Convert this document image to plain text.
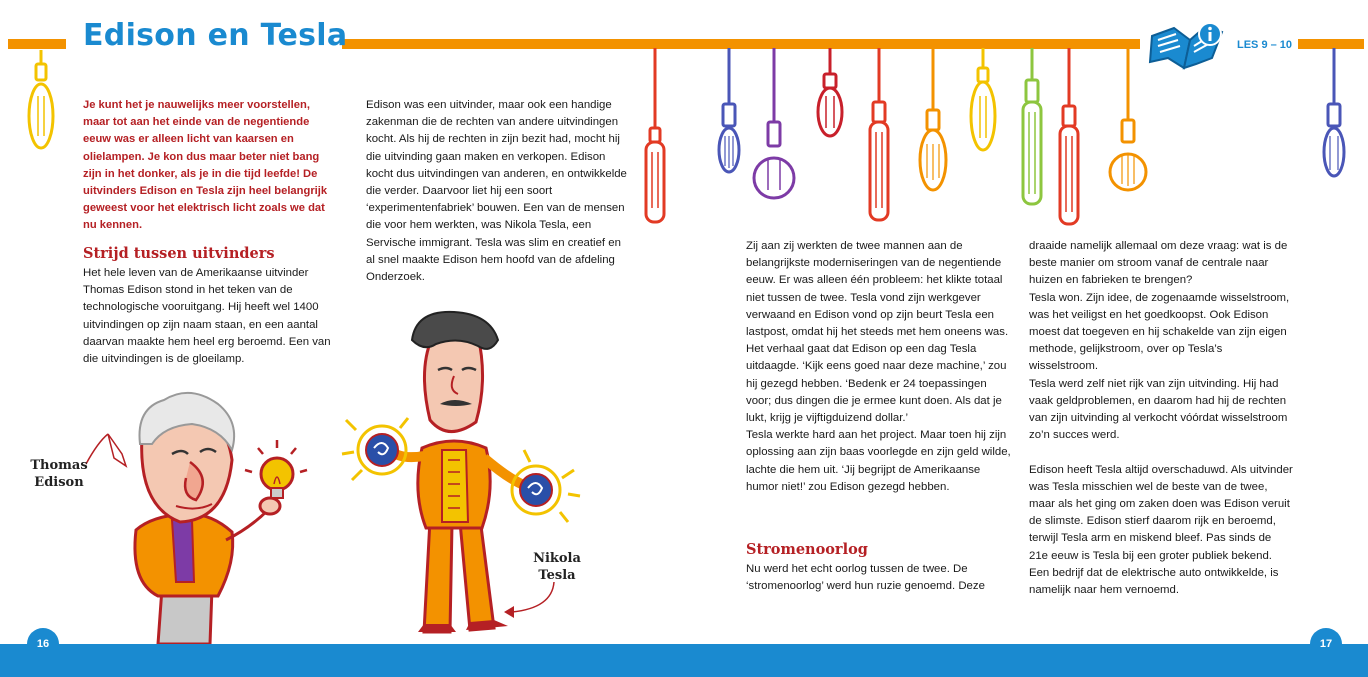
Edison en Tesla	LES 9 – 10

Je kunt het je nauwelijks meer voorstellen, maar tot aan het einde van de negentiende eeuw was er alleen licht van kaarsen en olielampen. Je kon dus maar beter niet bang zijn in het donker, als je in die tijd leefde! De uitvinders Edison en Tesla zijn heel belangrijk geweest voor het elektrisch licht zoals we dat nu kennen.

Strijd tussen uitvinders

Het hele leven van de Amerikaanse uitvinder Thomas Edison stond in het teken van de technologische vooruitgang. Hij heeft wel 1400 uitvindingen op zijn naam staan, en een aantal daarvan maakte hem heel erg beroemd. Een van die uitvindingen is de gloeilamp.

Edison was een uitvinder, maar ook een handige zakenman die de rechten van andere uitvindingen kocht. Als hij de rechten in zijn bezit had, mocht hij die uitvinding gaan maken en verkopen. Edison kocht dus uitvindingen van anderen, en ontwikkelde die verder. Daarvoor liet hij een soort ‘experimentenfabriek’ bouwen. Een van de mensen die voor hem werkten, was Nikola Tesla, een Servische immigrant. Tesla was slim en creatief en al snel maakte Edison hem hoofd van de afdeling Onderzoek.

Thomas
Edison

Nikola
Tesla

Zij aan zij werkten de twee mannen aan de belangrijkste moderniseringen van de negentiende eeuw. Er was alleen één probleem: het klikte totaal niet tussen de twee. Tesla vond zijn werkgever verwaand en Edison vond op zijn beurt Tesla een lastpost, omdat hij het steeds met hem oneens was.
Het verhaal gaat dat Edison op een dag Tesla uitdaagde. ‘Kijk eens goed naar deze machine,’ zou hij gezegd hebben. ‘Bedenk er 24 toepassingen voor; dus dingen die je ermee kunt doen. Als dat je lukt, krijg je vijftigduizend dollar.’
Tesla werkte hard aan het project. Maar toen hij zijn oplossing aan zijn baas voorlegde en zijn geld wilde, lachte die hem uit. ‘Jij begrijpt de Amerikaanse humor niet!’ zou Edison gezegd hebben.

Stromenoorlog

Nu werd het echt oorlog tussen de twee. De ‘stromenoorlog’ werd hun ruzie genoemd. Deze

draaide namelijk allemaal om deze vraag: wat is de beste manier om stroom vanaf de centrale naar huizen en fabrieken te brengen?
Tesla won. Zijn idee, de zogenaamde wisselstroom, was het veiligst en het goedkoopst. Ook Edison moest dat toegeven en hij schakelde van zijn eigen methode, gelijkstroom, over op Tesla’s wisselstroom.
Tesla werd zelf niet rijk van zijn uitvinding. Hij had vaak geldproblemen, en daarom had hij de rechten van zijn uitvinding al verkocht vóórdat wisselstroom zo’n succes werd.

Edison heeft Tesla altijd overschaduwd. Als uitvinder was Tesla misschien wel de beste van de twee, maar als het ging om zaken doen was Edison veruit de slimste. Edison stierf daarom rijk en beroemd, terwijl Tesla arm en miskend bleef. Pas sinds de 21e eeuw is Tesla bij een groter publiek bekend. Een bedrijf dat de elektrische auto ontwikkelde, is namelijk naar hem vernoemd.

16	17
